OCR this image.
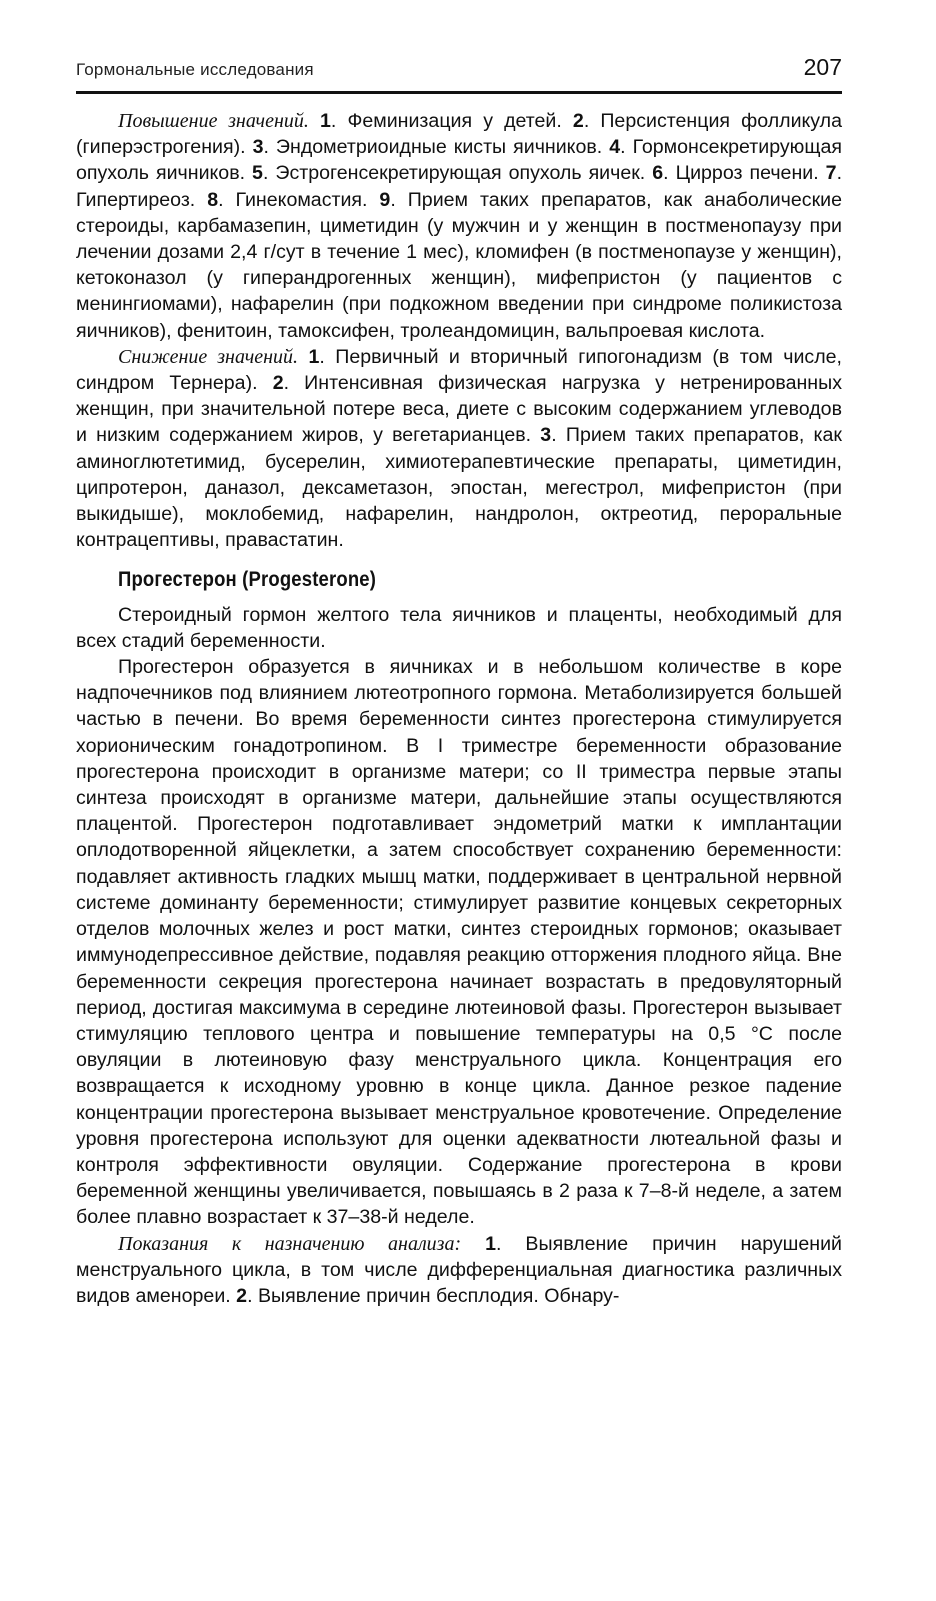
Гормональные исследования	207

Повышение значений. 1. Феминизация у детей. 2. Персистенция фолликула (гиперэстрогения). 3. Эндометриоидные кисты яичников. 4. Гормонсекретирующая опухоль яичников. 5. Эстрогенсекретирующая опухоль яичек. 6. Цирроз печени. 7. Гипертиреоз. 8. Гинекомастия. 9. Прием таких препаратов, как анаболические стероиды, карбамазепин, циметидин (у мужчин и у женщин в постменопаузу при лечении дозами 2,4 г/сут в течение 1 мес), кломифен (в постменопаузе у женщин), кетоконазол (у гиперандрогенных женщин), мифепристон (у пациентов с менингиомами), нафарелин (при подкожном введении при синдроме поликистоза яичников), фенитоин, тамоксифен, тролеандомицин, вальпроевая кислота.

Снижение значений. 1. Первичный и вторичный гипогонадизм (в том числе, синдром Тернера). 2. Интенсивная физическая нагрузка у нетренированных женщин, при значительной потере веса, диете с высоким содержанием углеводов и низким содержанием жиров, у вегетарианцев. 3. Прием таких препаратов, как аминоглютетимид, бусерелин, химиотерапевтические препараты, циметидин, ципротерон, даназол, дексаметазон, эпостан, мегестрол, мифепристон (при выкидыше), моклобемид, нафарелин, нандролон, октреотид, пероральные контрацептивы, правастатин.

Прогестерон (Progesterone)

Стероидный гормон желтого тела яичников и плаценты, необходимый для всех стадий беременности.

Прогестерон образуется в яичниках и в небольшом количестве в коре надпочечников под влиянием лютеотропного гормона. Метаболизируется большей частью в печени. Во время беременности синтез прогестерона стимулируется хорионическим гонадотропином. В I триместре беременности образование прогестерона происходит в организме матери; со II триместра первые этапы синтеза происходят в организме матери, дальнейшие этапы осуществляются плацентой. Прогестерон подготавливает эндометрий матки к имплантации оплодотворенной яйцеклетки, а затем способствует сохранению беременности: подавляет активность гладких мышц матки, поддерживает в центральной нервной системе доминанту беременности; стимулирует развитие концевых секреторных отделов молочных желез и рост матки, синтез стероидных гормонов; оказывает иммунодепрессивное действие, подавляя реакцию отторжения плодного яйца. Вне беременности секреция прогестерона начинает возрастать в предовуляторный период, достигая максимума в середине лютеиновой фазы. Прогестерон вызывает стимуляцию теплового центра и повышение температуры на 0,5 °С после овуляции в лютеиновую фазу менструального цикла. Концентрация его возвращается к исходному уровню в конце цикла. Данное резкое падение концентрации прогестерона вызывает менструальное кровотечение. Определение уровня прогестерона используют для оценки адекватности лютеальной фазы и контроля эффективности овуляции. Содержание прогестерона в крови беременной женщины увеличивается, повышаясь в 2 раза к 7–8-й неделе, а затем более плавно возрастает к 37–38-й неделе.

Показания к назначению анализа: 1. Выявление причин нарушений менструального цикла, в том числе дифференциальная диагностика различных видов аменореи. 2. Выявление причин бесплодия. Обнару-
